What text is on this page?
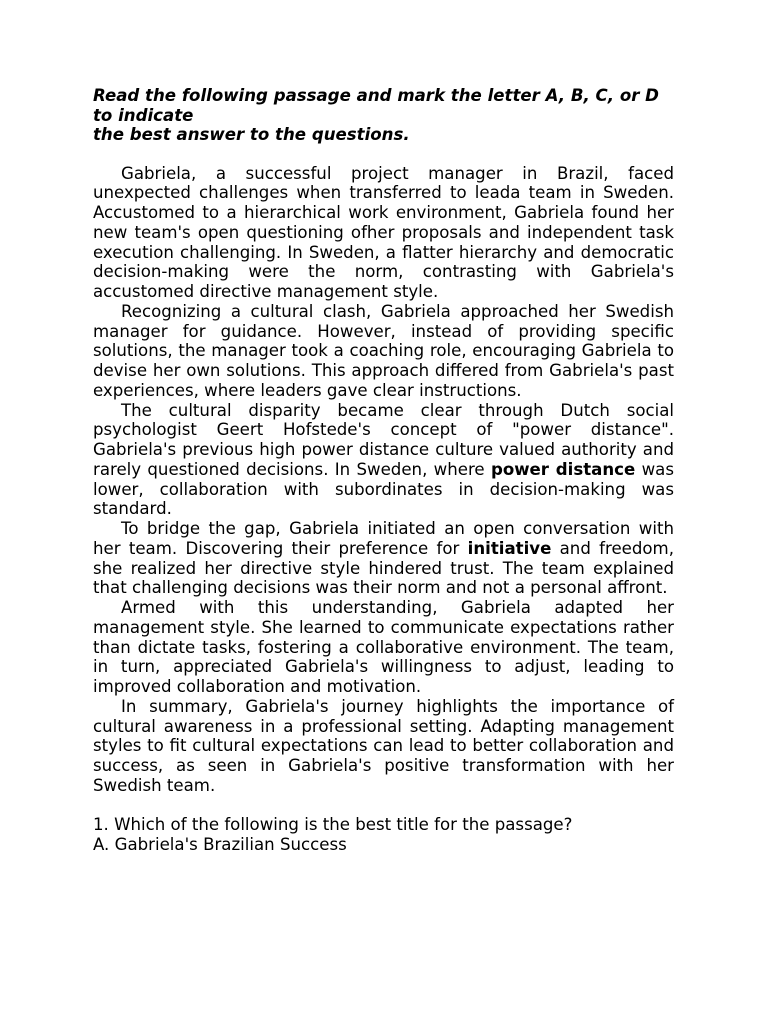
Read the following passage and mark the letter A, B, C, or D to indicate
the best answer to the questions.

Gabriela, a successful project manager in Brazil, faced unexpected challenges when transferred to leada team in Sweden. Accustomed to a hierarchical work environment, Gabriela found her new team's open questioning ofher proposals and independent task execution challenging. In Sweden, a flatter hierarchy and democratic decision-making were the norm, contrasting with Gabriela's accustomed directive management style.

Recognizing a cultural clash, Gabriela approached her Swedish manager for guidance. However, instead of providing specific solutions, the manager took a coaching role, encouraging Gabriela to devise her own solutions. This approach differed from Gabriela's past experiences, where leaders gave clear instructions.

The cultural disparity became clear through Dutch social psychologist Geert Hofstede's concept of "power distance". Gabriela's previous high power distance culture valued authority and rarely questioned decisions. In Sweden, where power distance was lower, collaboration with subordinates in decision-making was standard.

To bridge the gap, Gabriela initiated an open conversation with her team. Discovering their preference for initiative and freedom, she realized her directive style hindered trust. The team explained that challenging decisions was their norm and not a personal affront.

Armed with this understanding, Gabriela adapted her management style. She learned to communicate expectations rather than dictate tasks, fostering a collaborative environment. The team, in turn, appreciated Gabriela's willingness to adjust, leading to improved collaboration and motivation.

In summary, Gabriela's journey highlights the importance of cultural awareness in a professional setting. Adapting management styles to fit cultural expectations can lead to better collaboration and success, as seen in Gabriela's positive transformation with her Swedish team.

1. Which of the following is the best title for the passage?

A. Gabriela's Brazilian Success
